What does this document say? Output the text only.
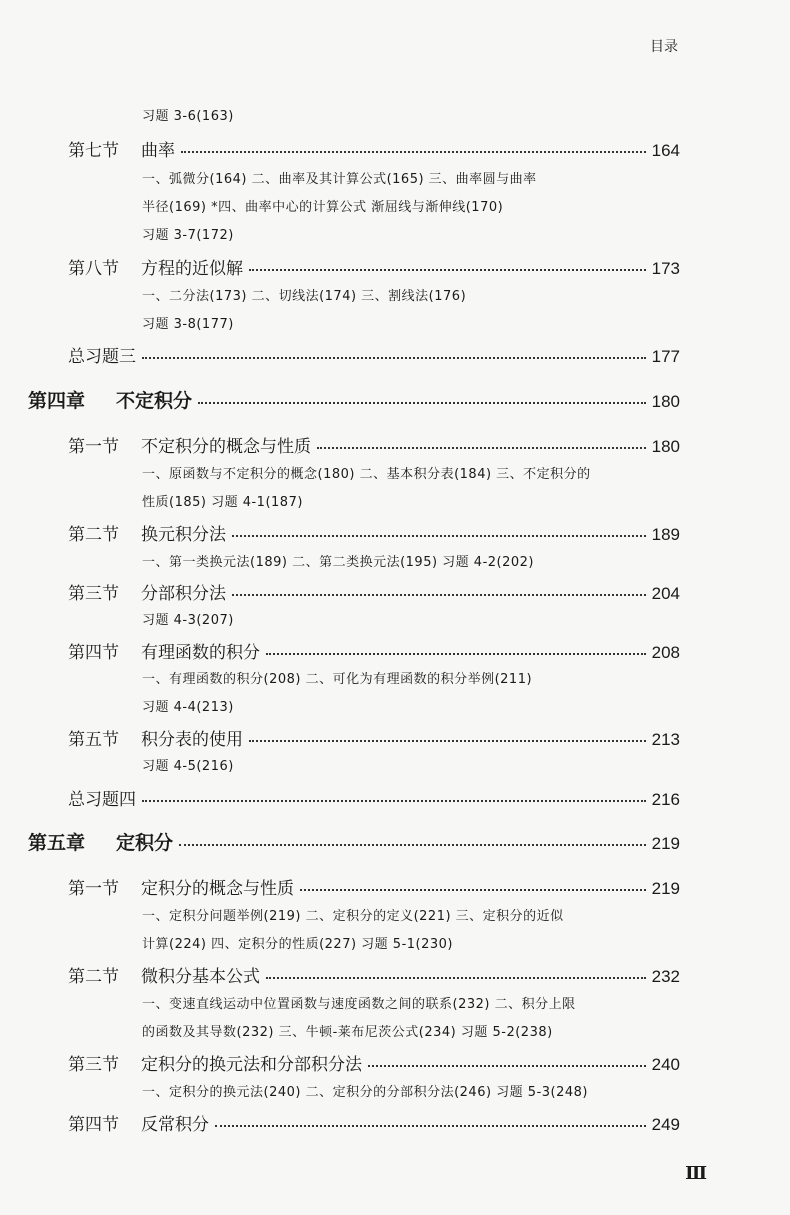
目录
习题 3-6(163)
第七节	曲率	164
一、弧微分(164) 二、曲率及其计算公式(165) 三、曲率圆与曲率
半径(169) *四、曲率中心的计算公式 渐屈线与渐伸线(170)
习题 3-7(172)
第八节	方程的近似解	173
一、二分法(173) 二、切线法(174) 三、割线法(176)
习题 3-8(177)
总习题三	177
第四章	不定积分	180
第一节	不定积分的概念与性质	180
一、原函数与不定积分的概念(180) 二、基本积分表(184) 三、不定积分的
性质(185) 习题 4-1(187)
第二节	换元积分法	189
一、第一类换元法(189) 二、第二类换元法(195) 习题 4-2(202)
第三节	分部积分法	204
习题 4-3(207)
第四节	有理函数的积分	208
一、有理函数的积分(208) 二、可化为有理函数的积分举例(211)
习题 4-4(213)
第五节	积分表的使用	213
习题 4-5(216)
总习题四	216
第五章	定积分	219
第一节	定积分的概念与性质	219
一、定积分问题举例(219) 二、定积分的定义(221) 三、定积分的近似
计算(224) 四、定积分的性质(227) 习题 5-1(230)
第二节	微积分基本公式	232
一、变速直线运动中位置函数与速度函数之间的联系(232) 二、积分上限
的函数及其导数(232) 三、牛顿-莱布尼茨公式(234) 习题 5-2(238)
第三节	定积分的换元法和分部积分法	240
一、定积分的换元法(240) 二、定积分的分部积分法(246) 习题 5-3(248)
第四节	反常积分	249
Ⅲ
